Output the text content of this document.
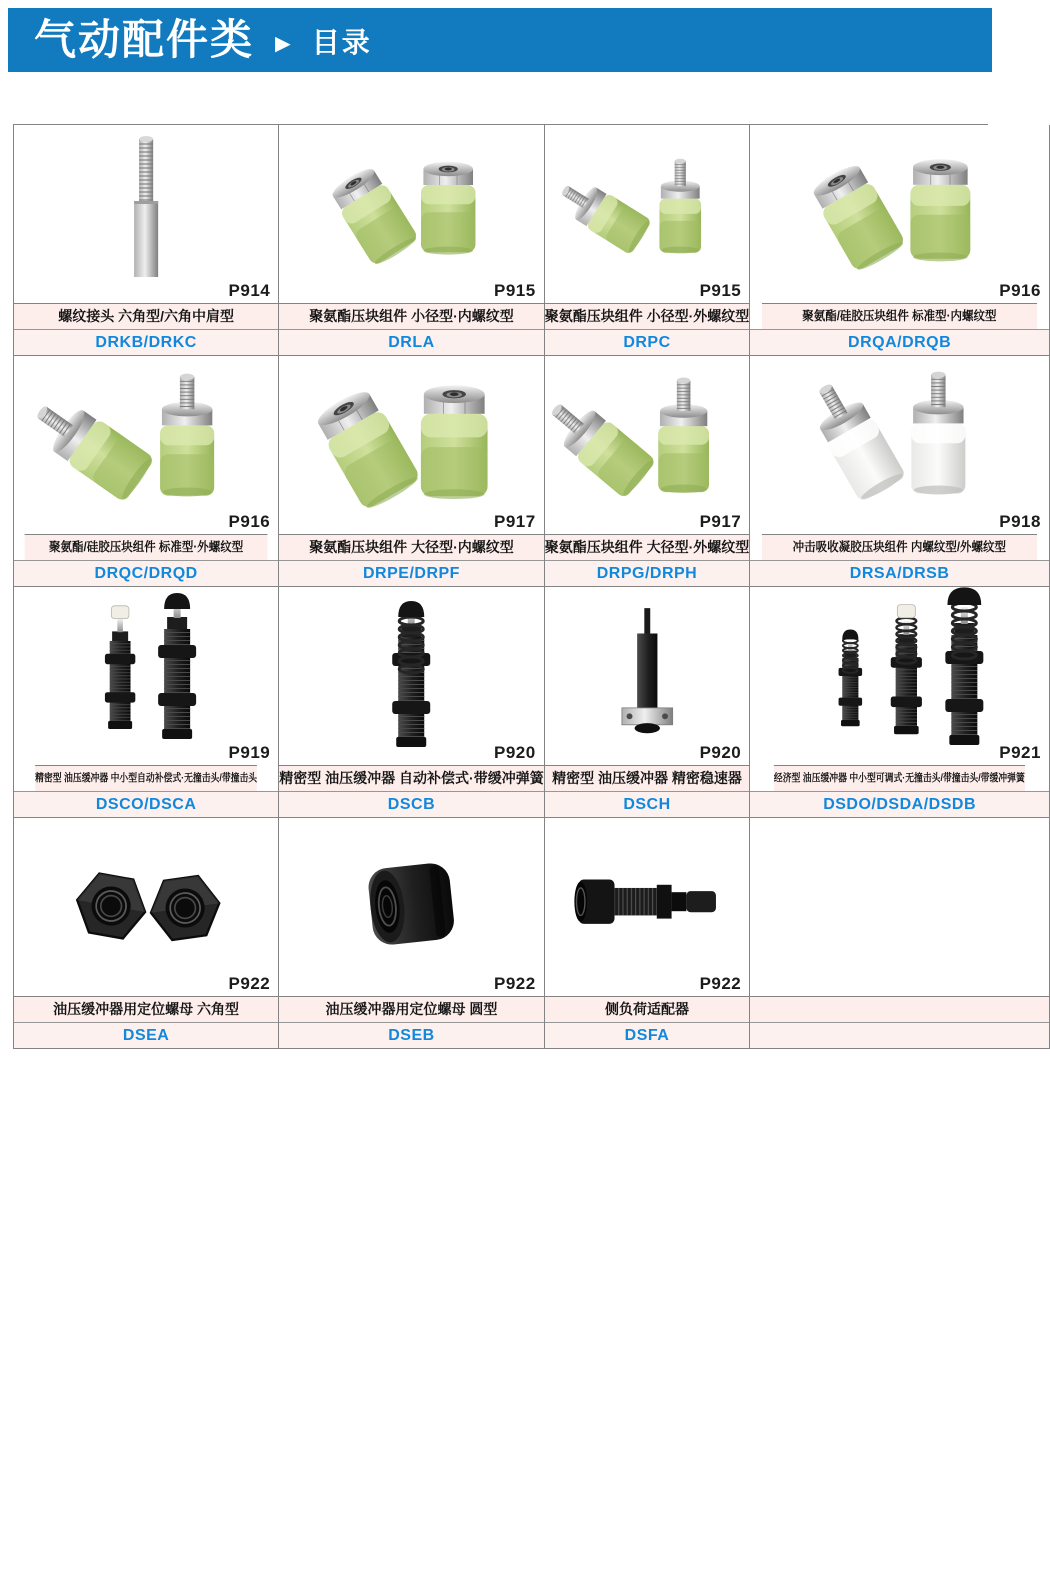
气动配件类 ► 目录
P914
螺纹接头 六角型/六角中肩型
DRKB/DRKC
P915
聚氨酯压块组件 小径型·内螺纹型
DRLA
P915
聚氨酯压块组件 小径型·外螺纹型
DRPC
P916
聚氨酯/硅胶压块组件 标准型·内螺纹型
DRQA/DRQB
P916
聚氨酯/硅胶压块组件 标准型·外螺纹型
DRQC/DRQD
P917
聚氨酯压块组件 大径型·内螺纹型
DRPE/DRPF
P917
聚氨酯压块组件 大径型·外螺纹型
DRPG/DRPH
P918
冲击吸收凝胶压块组件 内螺纹型/外螺纹型
DRSA/DRSB
P919
精密型 油压缓冲器 中小型自动补偿式·无撞击头/带撞击头
DSCO/DSCA
P920
精密型 油压缓冲器 自动补偿式·带缓冲弹簧
DSCB
P920
精密型 油压缓冲器 精密稳速器
DSCH
P921
经济型 油压缓冲器 中小型可调式·无撞击头/带撞击头/带缓冲弹簧
DSDO/DSDA/DSDB
P922
油压缓冲器用定位螺母 六角型
DSEA
P922
油压缓冲器用定位螺母 圆型
DSEB
P922
侧负荷适配器
DSFA
